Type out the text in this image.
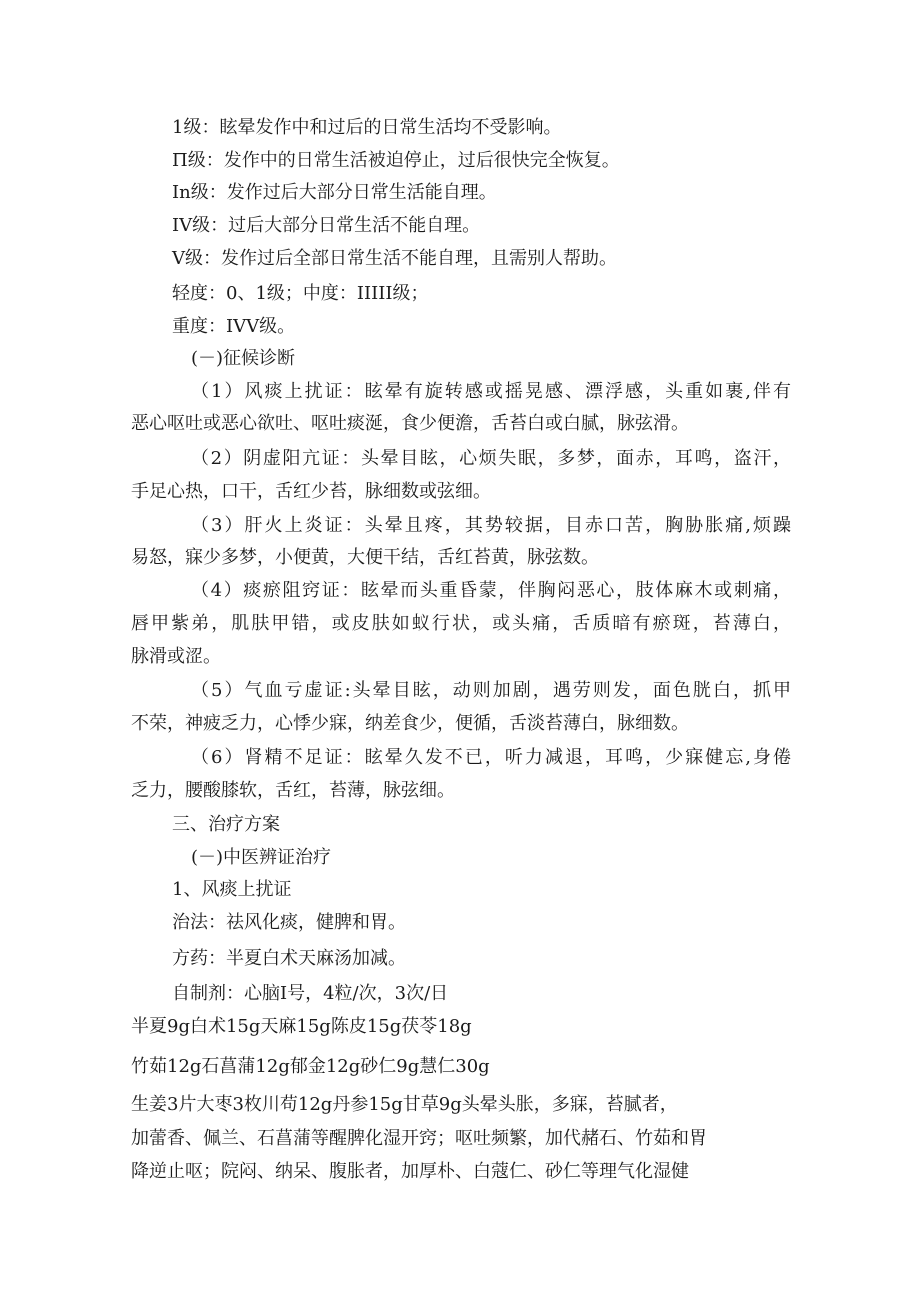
1级：眩晕发作中和过后的日常生活均不受影响。
Π级：发作中的日常生活被迫停止，过后很快完全恢复。
In级：发作过后大部分日常生活能自理。
IV级：过后大部分日常生活不能自理。
V级：发作过后全部日常生活不能自理，且需别人帮助。
轻度：0、1级；中度：IIIII级；
重度：IVV级。
(－)征候诊断
（1）风痰上扰证：眩晕有旋转感或摇晃感、漂浮感，头重如裹,伴有
恶心呕吐或恶心欲吐、呕吐痰涎，食少便澹，舌苔白或白腻，脉弦滑。
（2）阴虚阳亢证：头晕目眩，心烦失眠，多梦，面赤，耳鸣，盗汗，
手足心热，口干，舌红少苔，脉细数或弦细。
（3）肝火上炎证：头晕且疼，其势较据，目赤口苦，胸胁胀痛,烦躁
易怒，寐少多梦，小便黄，大便干结，舌红苔黄，脉弦数。
（4）痰瘀阻窍证：眩晕而头重昏蒙，伴胸闷恶心，肢体麻木或刺痛，
唇甲紫弟，肌肤甲错，或皮肤如蚁行状，或头痛，舌质暗有瘀斑，苔薄白，
脉滑或涩。
（5）气血亏虚证:头晕目眩，动则加剧，遇劳则发，面色胱白，抓甲
不荣，神疲乏力，心悸少寐，纳差食少，便循，舌淡苔薄白，脉细数。
（6）肾精不足证：眩晕久发不已，听力减退，耳鸣，少寐健忘,身倦
乏力，腰酸膝软，舌红，苔薄，脉弦细。
三、治疗方案
(－)中医辨证治疗
1、风痰上扰证
治法：祛风化痰，健脾和胃。
方药：半夏白术天麻汤加减。
自制剂：心脑I号，4粒/次，3次/日
半夏9g白术15g天麻15g陈皮15g茯苓18g
竹茹12g石菖蒲12g郁金12g砂仁9g慧仁30g
生姜3片大枣3枚川苟12g丹参15g甘草9g头晕头胀，多寐，苔腻者，
加蕾香、佩兰、石菖蒲等醒脾化湿开窍；呕吐频繁，加代赭石、竹茹和胃
降逆止呕；院闷、纳呆、腹胀者，加厚朴、白蔻仁、砂仁等理气化湿健
